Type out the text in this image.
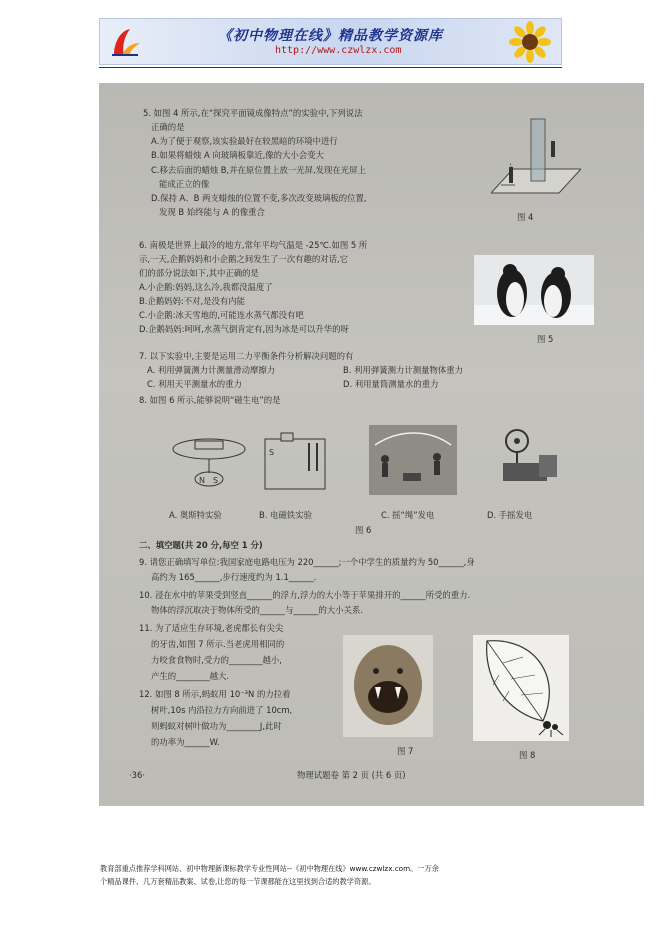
《初中物理在线》精品教学资源库
http://www.czwlzx.com
5. 如图 4 所示,在“探究平面镜成像特点”的实验中,下列说法
正确的是
A.为了便于观察,该实验最好在较黑暗的环境中进行
B.如果将蜡烛 A 向玻璃板靠近,像的大小会变大
C.移去后面的蜡烛 B,并在原位置上放一光屏,发现在光屏上
能成正立的像
D.保持 A、B 两支蜡烛的位置不变,多次改变玻璃板的位置,
发现 B 始终能与 A 的像重合	图 4
6. 南极是世界上最冷的地方,常年平均气温是 -25℃.如图 5 所
示,一天,企鹅妈妈和小企鹅之间发生了一次有趣的对话,它
们的部分说法如下,其中正确的是
A.小企鹅:妈妈,这么冷,我都没温度了
B.企鹅妈妈:不对,是没有内能
C.小企鹅:冰天雪地的,可能连水蒸气都没有吧
D.企鹅妈妈:呵呵,水蒸气倒肯定有,因为冰是可以升华的呀
图 5
7. 以下实验中,主要是运用二力平衡条件分析解决问题的有
A. 利用弹簧测力计测量滑动摩擦力	B. 利用弹簧测力计测量物体重力
C. 利用天平测量水的重力	D. 利用量筒测量水的重力
8. 如图 6 所示,能够说明“磁生电”的是
N S
S
A. 奥斯特实验	B. 电磁铁实验	C. 摇“绳”发电	D. 手摇发电
图 6
二、填空题(共 20 分,每空 1 分)
9. 请您正确填写单位:我国家庭电路电压为 220______;一个中学生的质量约为 50______,身
高约为 165______,步行速度约为 1.1______.
10. 浸在水中的苹果受到竖直______的浮力,浮力的大小等于苹果排开的______所受的重力.
物体的浮沉取决于物体所受的______与______的大小关系.
11. 为了适应生存环境,老虎都长有尖尖
的牙齿,如图 7 所示.当老虎用相同的
力咬食食物时,受力的________越小,
产生的________越大.
12. 如图 8 所示,蚂蚁用 10⁻³N 的力拉着
树叶,10s 内沿拉力方向前进了 10cm,
则蚂蚁对树叶做功为________J,此时
的功率为______W.
图 7	图 8
·36·	物理试题卷 第 2 页 (共 6 页)
教育部重点推荐学科网站、初中物理新课标教学专业性网站--《初中物理在线》www.czwlzx.com。一万余
个精品课件、几万套精品教案、试卷,让您的每一节课都能在这里找到合适的教学资源。
